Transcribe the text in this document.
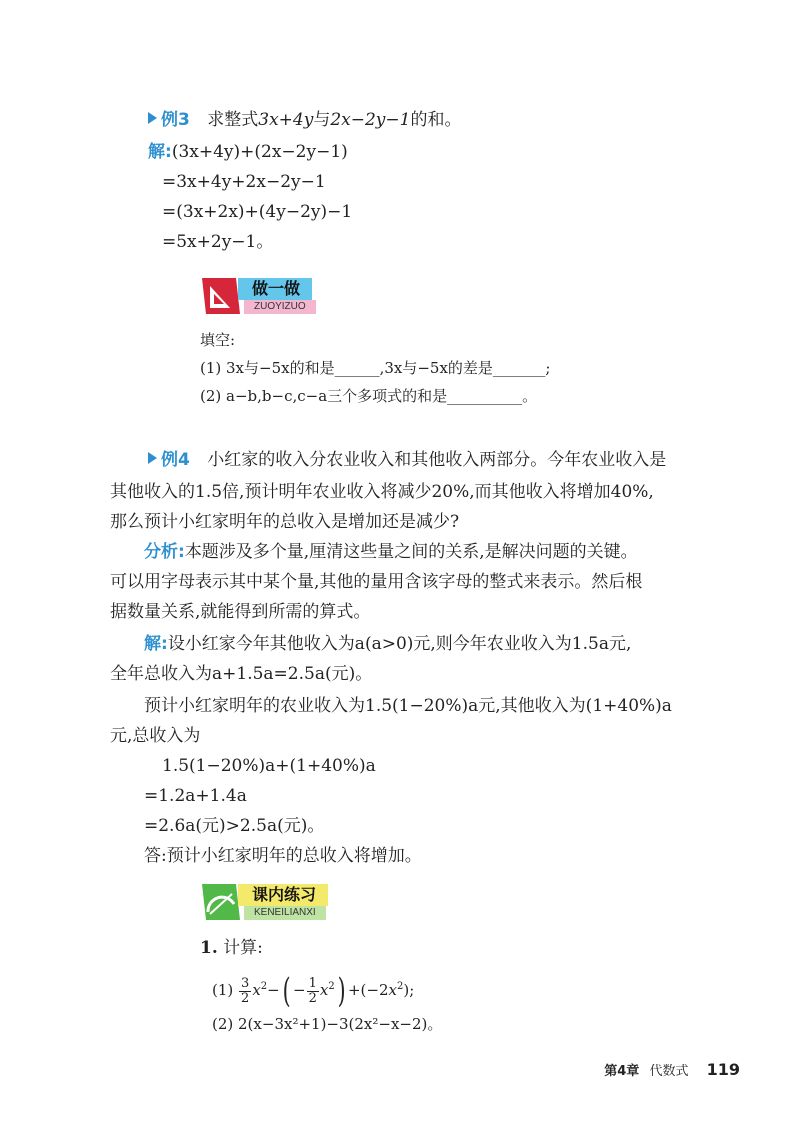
例3 求整式3x+4y与2x−2y−1的和。
解:(3x+4y)+(2x−2y−1)
=3x+4y+2x−2y−1
=(3x+2x)+(4y−2y)−1
=5x+2y−1。
做一做
ZUOYIZUO
填空:
(1) 3x与−5x的和是______,3x与−5x的差是_______;
(2) a−b,b−c,c−a三个多项式的和是__________。
例4 小红家的收入分农业收入和其他收入两部分。今年农业收入是
其他收入的1.5倍,预计明年农业收入将减少20%,而其他收入将增加40%,
那么预计小红家明年的总收入是增加还是减少?
分析:本题涉及多个量,厘清这些量之间的关系,是解决问题的关键。
可以用字母表示其中某个量,其他的量用含该字母的整式来表示。然后根
据数量关系,就能得到所需的算式。
解:设小红家今年其他收入为a(a>0)元,则今年农业收入为1.5a元,
全年总收入为a+1.5a=2.5a(元)。
预计小红家明年的农业收入为1.5(1−20%)a元,其他收入为(1+40%)a
元,总收入为
1.5(1−20%)a+(1+40%)a
=1.2a+1.4a
=2.6a(元)>2.5a(元)。
答:预计小红家明年的总收入将增加。
课内练习
KENEILIANXI
1. 计算:
$(1) \frac{3}{2} x^2-( - \frac{1}{2} x^2) +(-2x^2)$;
(2) 2(x−3x²+1)−3(2x²−x−2)。
第4章 代数式 119
